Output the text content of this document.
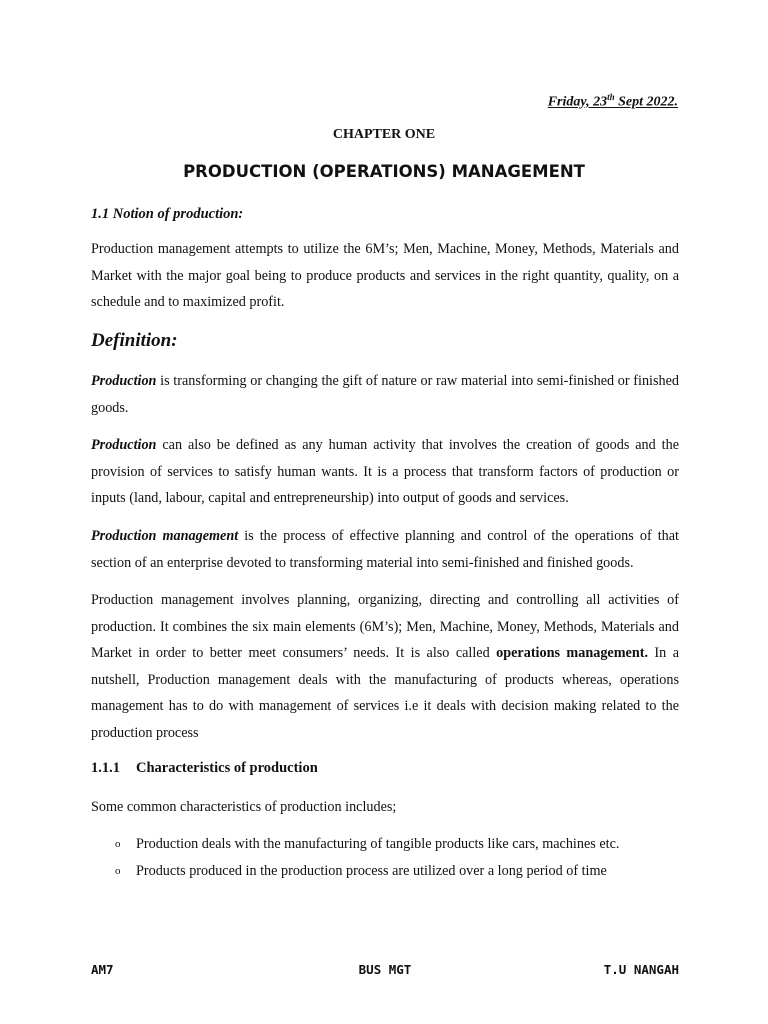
Friday, 23th Sept 2022.
CHAPTER ONE
PRODUCTION (OPERATIONS) MANAGEMENT
1.1 Notion of production:

Production management attempts to utilize the 6M’s; Men, Machine, Money, Methods, Materials and Market with the major goal being to produce products and services in the right quantity, quality, on a schedule and to maximized profit.

Definition:

Production is transforming or changing the gift of nature or raw material into semi-finished or finished goods.

Production can also be defined as any human activity that involves the creation of goods and the provision of services to satisfy human wants. It is a process that transform factors of production or inputs (land, labour, capital and entrepreneurship) into output of goods and services.

Production management is the process of effective planning and control of the operations of that section of an enterprise devoted to transforming material into semi-finished and finished goods.

Production management involves planning, organizing, directing and controlling all activities of production. It combines the six main elements (6M’s); Men, Machine, Money, Methods, Materials and Market in order to better meet consumers’ needs. It is also called operations management. In a nutshell, Production management deals with the manufacturing of products whereas, operations management has to do with management of services i.e it deals with decision making related to the production process

1.1.1 Characteristics of production

Some common characteristics of production includes;

o Production deals with the manufacturing of tangible products like cars, machines etc.
o Products produced in the production process are utilized over a long period of time
AM7	BUS MGT	T.U NANGAH
